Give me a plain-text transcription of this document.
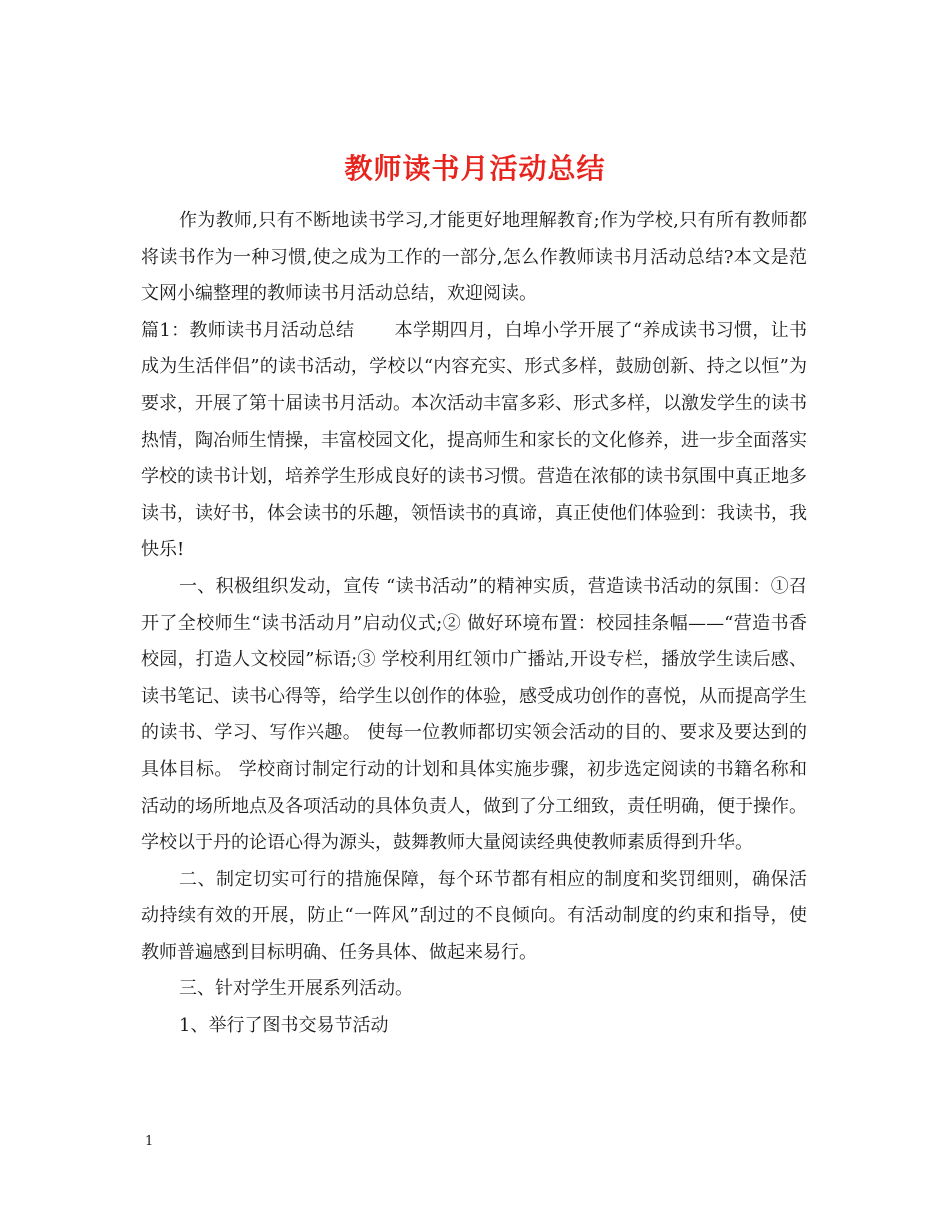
教师读书月活动总结

作为教师,只有不断地读书学习,才能更好地理解教育;作为学校,只有所有教师都将读书作为一种习惯,使之成为工作的一部分,怎么作教师读书月活动总结?本文是范文网小编整理的教师读书月活动总结，欢迎阅读。

篇1：教师读书月活动总结 本学期四月，白埠小学开展了“养成读书习惯，让书成为生活伴侣”的读书活动，学校以“内容充实、形式多样，鼓励创新、持之以恒”为要求，开展了第十届读书月活动。本次活动丰富多彩、形式多样，以激发学生的读书热情，陶冶师生情操，丰富校园文化，提高师生和家长的文化修养，进一步全面落实学校的读书计划，培养学生形成良好的读书习惯。营造在浓郁的读书氛围中真正地多读书，读好书，体会读书的乐趣，领悟读书的真谛，真正使他们体验到：我读书，我快乐!

一、积极组织发动，宣传 “读书活动”的精神实质，营造读书活动的氛围：①召开了全校师生“读书活动月”启动仪式;② 做好环境布置：校园挂条幅——“营造书香校园，打造人文校园”标语;③ 学校利用红领巾广播站,开设专栏，播放学生读后感、读书笔记、读书心得等，给学生以创作的体验，感受成功创作的喜悦，从而提高学生的读书、学习、写作兴趣。 使每一位教师都切实领会活动的目的、要求及要达到的具体目标。 学校商讨制定行动的计划和具体实施步骤，初步选定阅读的书籍名称和活动的场所地点及各项活动的具体负责人，做到了分工细致，责任明确，便于操作。学校以于丹的论语心得为源头，鼓舞教师大量阅读经典使教师素质得到升华。

二、制定切实可行的措施保障，每个环节都有相应的制度和奖罚细则，确保活动持续有效的开展，防止“一阵风”刮过的不良倾向。有活动制度的约束和指导，使教师普遍感到目标明确、任务具体、做起来易行。

三、针对学生开展系列活动。

1、举行了图书交易节活动

1
